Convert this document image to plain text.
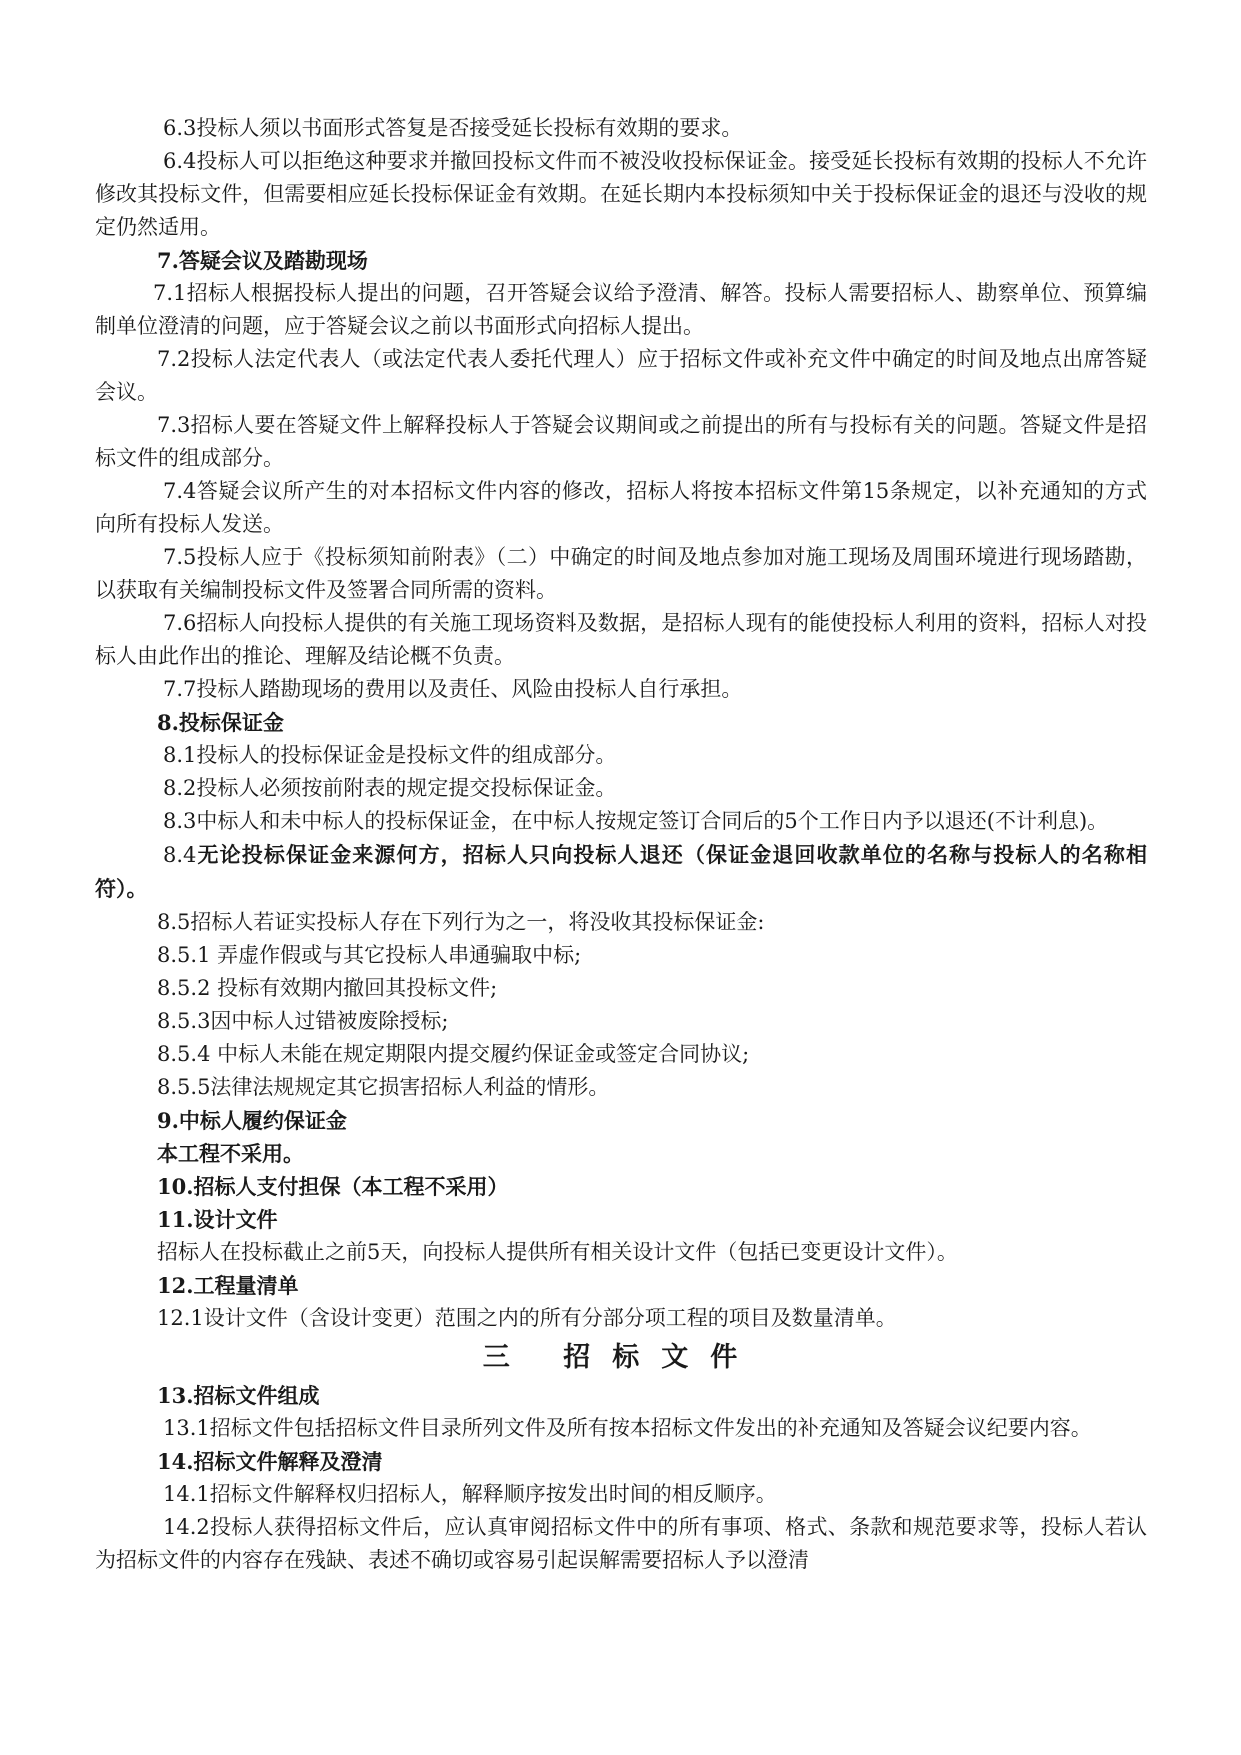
6.3投标人须以书面形式答复是否接受延长投标有效期的要求。

6.4投标人可以拒绝这种要求并撤回投标文件而不被没收投标保证金。接受延长投标有效期的投标人不允许修改其投标文件，但需要相应延长投标保证金有效期。在延长期内本投标须知中关于投标保证金的退还与没收的规定仍然适用。

7.答疑会议及踏勘现场

7.1招标人根据投标人提出的问题，召开答疑会议给予澄清、解答。投标人需要招标人、勘察单位、预算编制单位澄清的问题，应于答疑会议之前以书面形式向招标人提出。

7.2投标人法定代表人（或法定代表人委托代理人）应于招标文件或补充文件中确定的时间及地点出席答疑会议。

7.3招标人要在答疑文件上解释投标人于答疑会议期间或之前提出的所有与投标有关的问题。答疑文件是招标文件的组成部分。

7.4答疑会议所产生的对本招标文件内容的修改，招标人将按本招标文件第15条规定，以补充通知的方式向所有投标人发送。

7.5投标人应于《投标须知前附表》（二）中确定的时间及地点参加对施工现场及周围环境进行现场踏勘，以获取有关编制投标文件及签署合同所需的资料。

7.6招标人向投标人提供的有关施工现场资料及数据，是招标人现有的能使投标人利用的资料，招标人对投标人由此作出的推论、理解及结论概不负责。

7.7投标人踏勘现场的费用以及责任、风险由投标人自行承担。

8.投标保证金

8.1投标人的投标保证金是投标文件的组成部分。

8.2投标人必须按前附表的规定提交投标保证金。

8.3中标人和未中标人的投标保证金，在中标人按规定签订合同后的5个工作日内予以退还(不计利息)。

8.4无论投标保证金来源何方，招标人只向投标人退还（保证金退回收款单位的名称与投标人的名称相符）。

8.5招标人若证实投标人存在下列行为之一，将没收其投标保证金:

8.5.1 弄虚作假或与其它投标人串通骗取中标;

8.5.2 投标有效期内撤回其投标文件;

8.5.3因中标人过错被废除授标;

8.5.4 中标人未能在规定期限内提交履约保证金或签定合同协议;

8.5.5法律法规规定其它损害招标人利益的情形。

9.中标人履约保证金

本工程不采用。

10.招标人支付担保（本工程不采用）

11.设计文件

招标人在投标截止之前5天，向投标人提供所有相关设计文件（包括已变更设计文件）。

12.工程量清单

12.1设计文件（含设计变更）范围之内的所有分部分项工程的项目及数量清单。

三 招标文件

13.招标文件组成

13.1招标文件包括招标文件目录所列文件及所有按本招标文件发出的补充通知及答疑会议纪要内容。

14.招标文件解释及澄清

14.1招标文件解释权归招标人，解释顺序按发出时间的相反顺序。

14.2投标人获得招标文件后，应认真审阅招标文件中的所有事项、格式、条款和规范要求等，投标人若认为招标文件的内容存在残缺、表述不确切或容易引起误解需要招标人予以澄清
